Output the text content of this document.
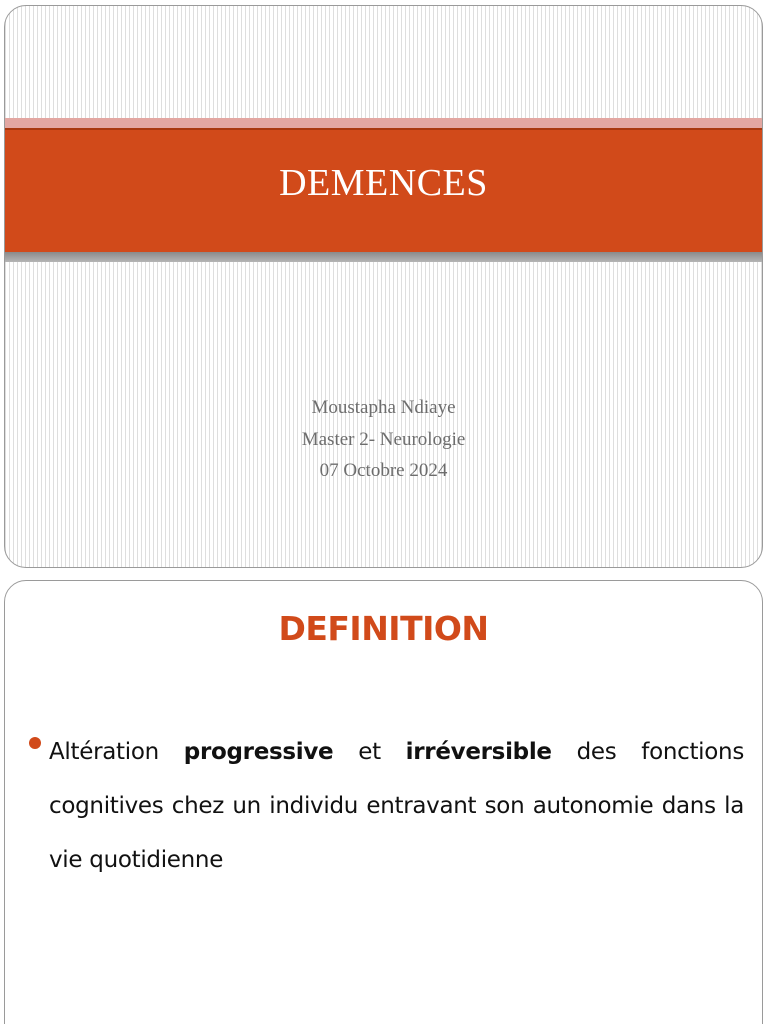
DEMENCES
Moustapha Ndiaye
Master 2- Neurologie
07 Octobre 2024
DEFINITION
Altération progressive et irréversible des fonctions cognitives chez un individu entravant son autonomie dans la vie quotidienne
